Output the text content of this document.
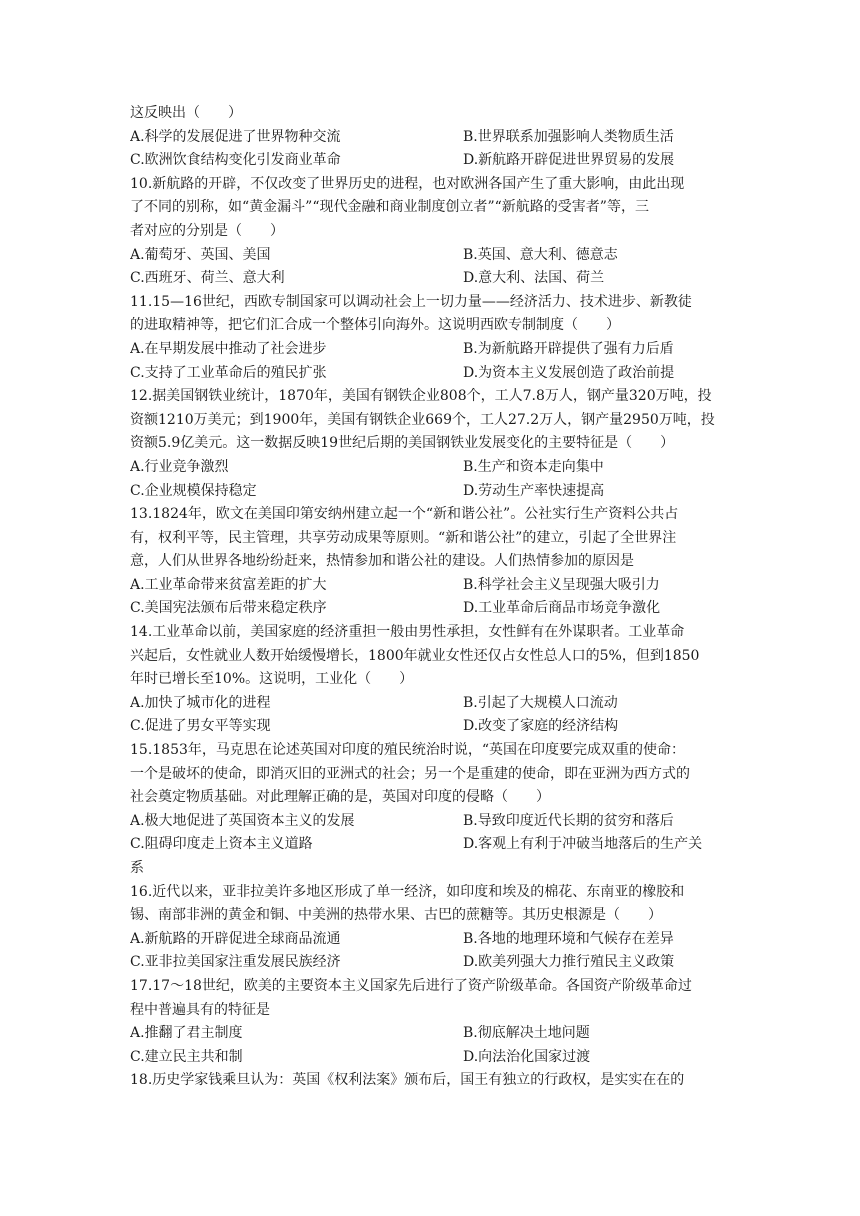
这反映出（　　）
A.科学的发展促进了世界物种交流	B.世界联系加强影响人类物质生活
C.欧洲饮食结构变化引发商业革命	D.新航路开辟促进世界贸易的发展
10.新航路的开辟，不仅改变了世界历史的进程，也对欧洲各国产生了重大影响，由此出现
了不同的别称，如“黄金漏斗”“现代金融和商业制度创立者”“新航路的受害者”等，三
者对应的分别是（　　）
A.葡萄牙、英国、美国	B.英国、意大利、德意志
C.西班牙、荷兰、意大利	D.意大利、法国、荷兰
11.15—16世纪，西欧专制国家可以调动社会上一切力量——经济活力、技术进步、新教徒
的进取精神等，把它们汇合成一个整体引向海外。这说明西欧专制制度（　　）
A.在早期发展中推动了社会进步	B.为新航路开辟提供了强有力后盾
C.支持了工业革命后的殖民扩张	D.为资本主义发展创造了政治前提
12.据美国钢铁业统计，1870年，美国有钢铁企业808个，工人7.8万人，钢产量320万吨，投
资额1210万美元；到1900年，美国有钢铁企业669个，工人27.2万人，钢产量2950万吨，投
资额5.9亿美元。这一数据反映19世纪后期的美国钢铁业发展变化的主要特征是（　　）
A.行业竞争激烈	B.生产和资本走向集中
C.企业规模保持稳定	D.劳动生产率快速提高
13.1824年，欧文在美国印第安纳州建立起一个“新和谐公社”。公社实行生产资料公共占
有，权利平等，民主管理，共享劳动成果等原则。“新和谐公社”的建立，引起了全世界注
意，人们从世界各地纷纷赶来，热情参加和谐公社的建设。人们热情参加的原因是
A.工业革命带来贫富差距的扩大	B.科学社会主义呈现强大吸引力
C.美国宪法颁布后带来稳定秩序	D.工业革命后商品市场竞争激化
14.工业革命以前，美国家庭的经济重担一般由男性承担，女性鲜有在外谋职者。工业革命
兴起后，女性就业人数开始缓慢增长，1800年就业女性还仅占女性总人口的5%，但到1850
年时已增长至10%。这说明，工业化（　　）
A.加快了城市化的进程	B.引起了大规模人口流动
C.促进了男女平等实现	D.改变了家庭的经济结构
15.1853年，马克思在论述英国对印度的殖民统治时说，“英国在印度要完成双重的使命：
一个是破坏的使命，即消灭旧的亚洲式的社会；另一个是重建的使命，即在亚洲为西方式的
社会奠定物质基础。对此理解正确的是，英国对印度的侵略（　　）
A.极大地促进了英国资本主义的发展	B.导致印度近代长期的贫穷和落后
C.阻碍印度走上资本主义道路	D.客观上有利于冲破当地落后的生产关
系
16.近代以来，亚非拉美许多地区形成了单一经济，如印度和埃及的棉花、东南亚的橡胶和
锡、南部非洲的黄金和铜、中美洲的热带水果、古巴的蔗糖等。其历史根源是（　　）
A.新航路的开辟促进全球商品流通	B.各地的地理环境和气候存在差异
C.亚非拉美国家注重发展民族经济	D.欧美列强大力推行殖民主义政策
17.17～18世纪，欧美的主要资本主义国家先后进行了资产阶级革命。各国资产阶级革命过
程中普遍具有的特征是
A.推翻了君主制度	B.彻底解决土地问题
C.建立民主共和制	D.向法治化国家过渡
18.历史学家钱乘旦认为：英国《权利法案》颁布后，国王有独立的行政权，是实实在在的
